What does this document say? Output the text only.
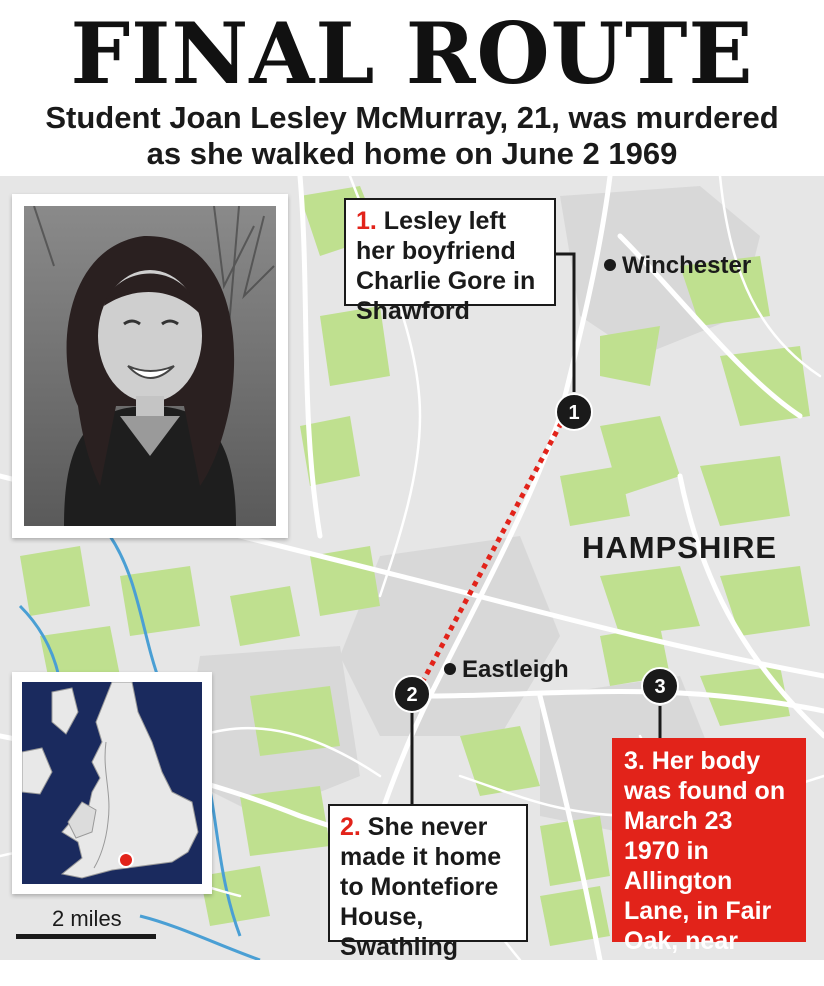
FINAL ROUTE
Student Joan Lesley McMurray, 21, was murdered
as she walked home on June 2 1969
1
2	3
1. Lesley left her boyfriend Charlie Gore in Shawford
2. She never made it home to Montefiore House, Swathling
3. Her body was found on March 23 1970 in Allington Lane, in Fair Oak, near Eastleigh
Winchester
Eastleigh
HAMPSHIRE
2 miles
